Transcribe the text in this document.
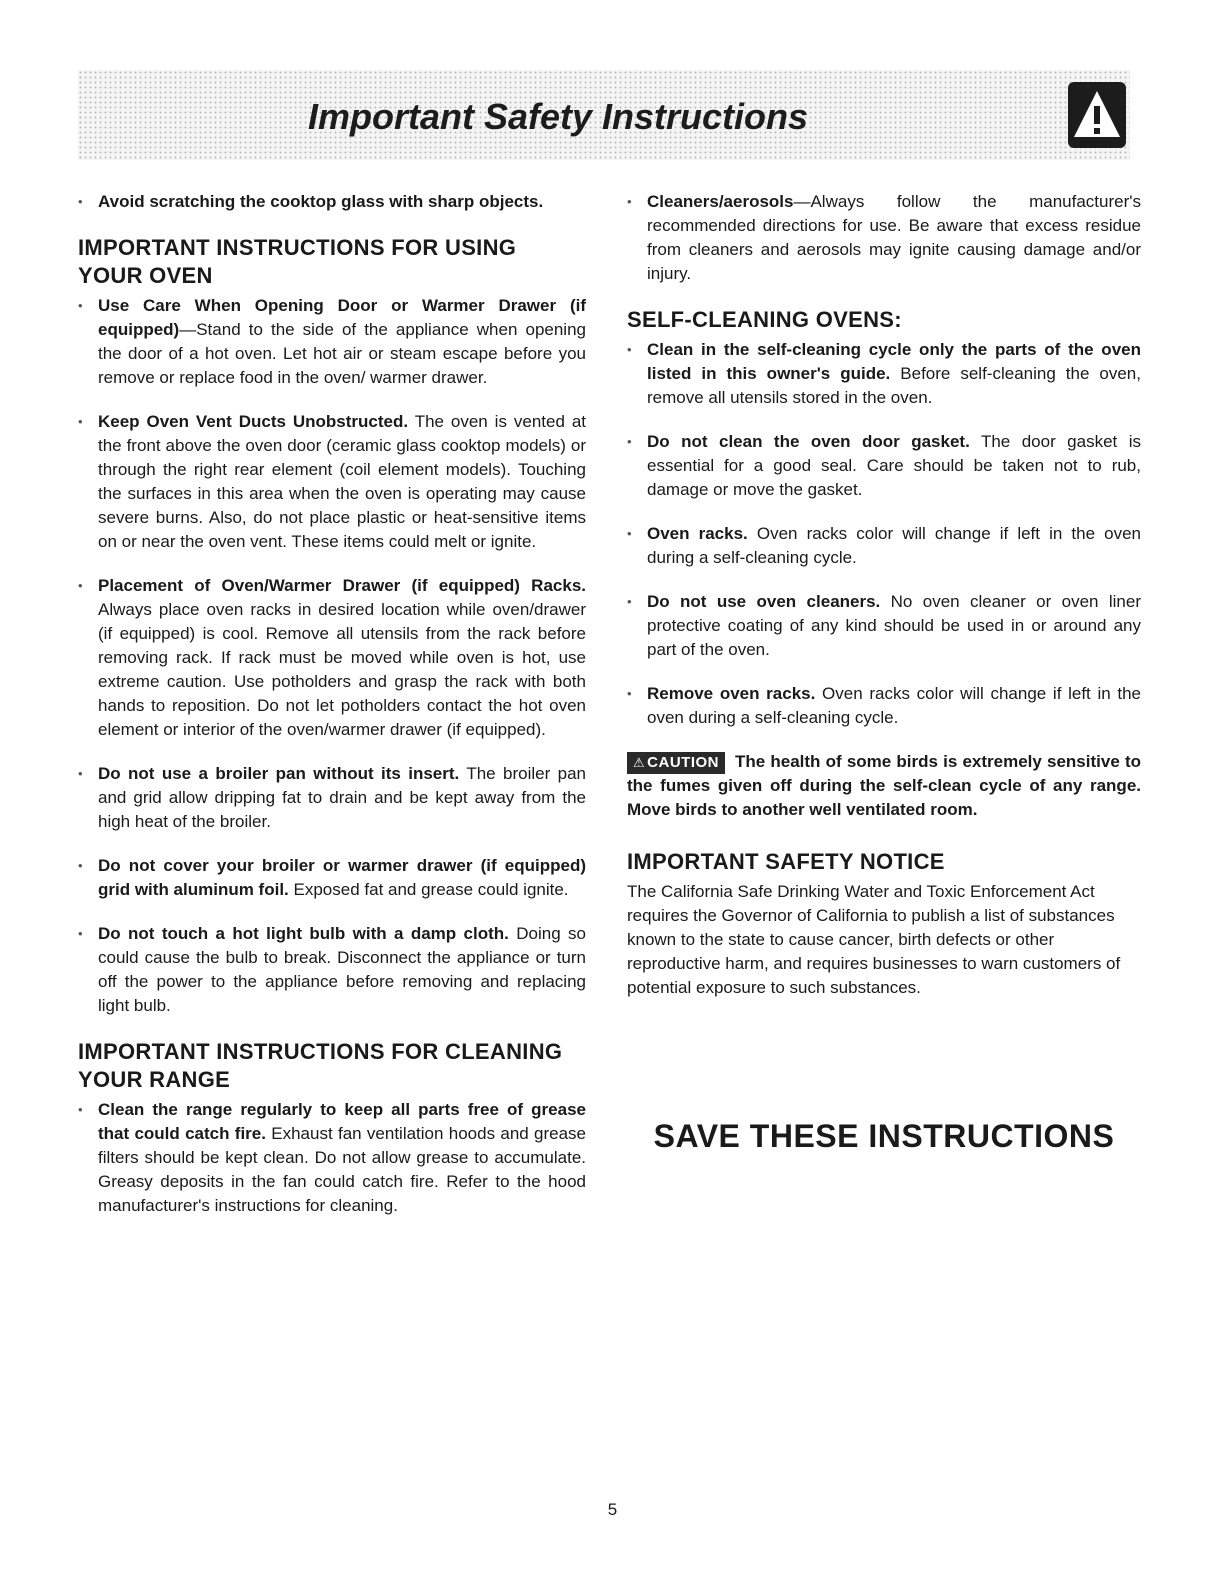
Important Safety Instructions

• Avoid scratching the cooktop glass with sharp objects.

IMPORTANT INSTRUCTIONS FOR USING YOUR OVEN

• Use Care When Opening Door or Warmer Drawer (if equipped)—Stand to the side of the appliance when opening the door of a hot oven. Let hot air or steam escape before you remove or replace food in the oven/ warmer drawer.

• Keep Oven Vent Ducts Unobstructed. The oven is vented at the front above the oven door (ceramic glass cooktop models) or through the right rear element (coil element models). Touching the surfaces in this area when the oven is operating may cause severe burns. Also, do not place plastic or heat-sensitive items on or near the oven vent. These items could melt or ignite.

• Placement of Oven/Warmer Drawer (if equipped) Racks. Always place oven racks in desired location while oven/drawer (if equipped) is cool. Remove all utensils from the rack before removing rack. If rack must be moved while oven is hot, use extreme caution. Use potholders and grasp the rack with both hands to reposition. Do not let potholders contact the hot oven element or interior of the oven/warmer drawer (if equipped).

• Do not use a broiler pan without its insert. The broiler pan and grid allow dripping fat to drain and be kept away from the high heat of the broiler.

• Do not cover your broiler or warmer drawer (if equipped) grid with aluminum foil. Exposed fat and grease could ignite.

• Do not touch a hot light bulb with a damp cloth. Doing so could cause the bulb to break. Disconnect the appliance or turn off the power to the appliance before removing and replacing light bulb.

IMPORTANT INSTRUCTIONS FOR CLEANING YOUR RANGE

• Clean the range regularly to keep all parts free of grease that could catch fire. Exhaust fan ventilation hoods and grease filters should be kept clean. Do not allow grease to accumulate. Greasy deposits in the fan could catch fire. Refer to the hood manufacturer's instructions for cleaning.

• Cleaners/aerosols—Always follow the manufacturer's recommended directions for use. Be aware that excess residue from cleaners and aerosols may ignite causing damage and/or injury.

SELF-CLEANING OVENS:

• Clean in the self-cleaning cycle only the parts of the oven listed in this owner's guide. Before self-cleaning the oven, remove all utensils stored in the oven.

• Do not clean the oven door gasket. The door gasket is essential for a good seal. Care should be taken not to rub, damage or move the gasket.

• Oven racks. Oven racks color will change if left in the oven during a self-cleaning cycle.

• Do not use oven cleaners. No oven cleaner or oven liner protective coating of any kind should be used in or around any part of the oven.

• Remove oven racks. Oven racks color will change if left in the oven during a self-cleaning cycle.

⚠ CAUTION The health of some birds is extremely sensitive to the fumes given off during the self-clean cycle of any range. Move birds to another well ventilated room.

IMPORTANT SAFETY NOTICE

The California Safe Drinking Water and Toxic Enforcement Act requires the Governor of California to publish a list of substances known to the state to cause cancer, birth defects or other reproductive harm, and requires businesses to warn customers of potential exposure to such substances.

SAVE THESE INSTRUCTIONS
5
